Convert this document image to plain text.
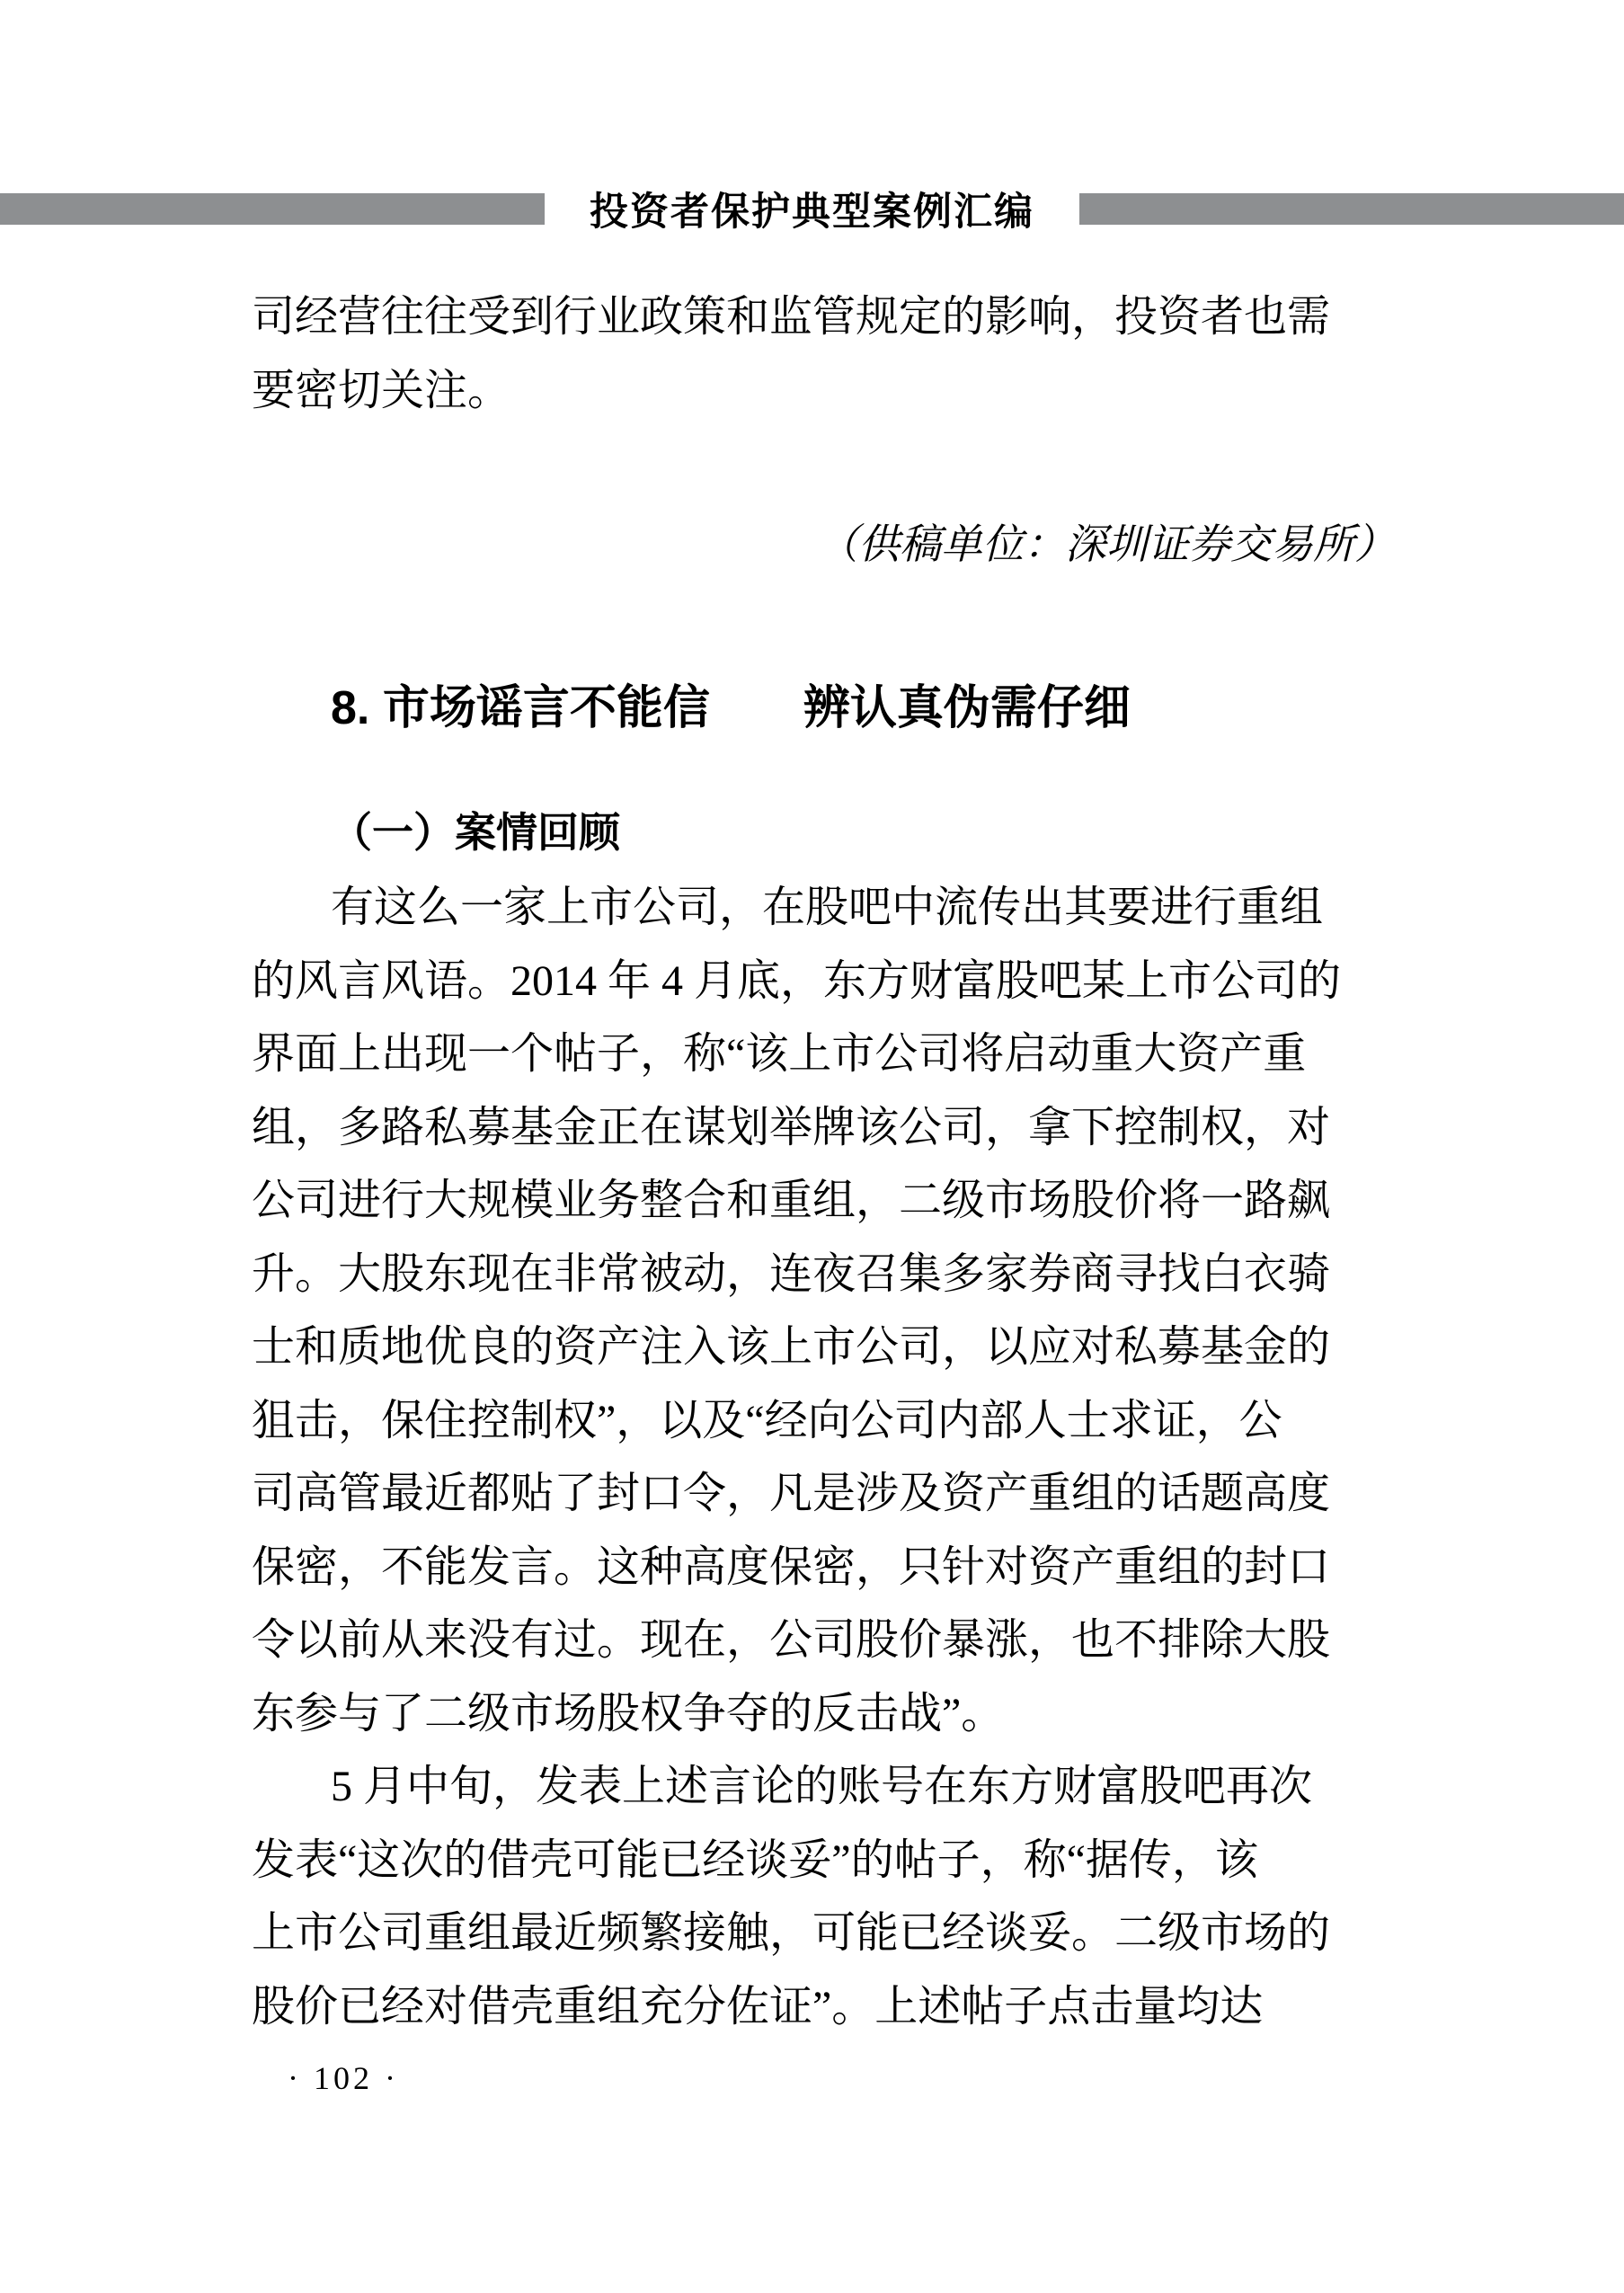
投资者保护典型案例汇编
司经营往往受到行业政策和监管规定的影响，投资者也需
要密切关注。
（供稿单位：深圳证券交易所）
8. 市场谣言不能信　　辨认真伪需仔细
（一）案情回顾
有这么一家上市公司，在股吧中流传出其要进行重组
的风言风语。2014 年 4 月底，东方财富股吧某上市公司的
界面上出现一个帖子，称“该上市公司将启动重大资产重
组，多路私募基金正在谋划举牌该公司，拿下控制权，对
公司进行大规模业务整合和重组，二级市场股价将一路飙
升。大股东现在非常被动，连夜召集多家券商寻找白衣骑
士和质地优良的资产注入该上市公司，以应对私募基金的
狙击，保住控制权”，以及“经向公司内部人士求证，公
司高管最近都贴了封口令，凡是涉及资产重组的话题高度
保密，不能发言。这种高度保密，只针对资产重组的封口
令以前从来没有过。现在，公司股价暴涨，也不排除大股
东参与了二级市场股权争夺的反击战”。
5 月中旬，发表上述言论的账号在东方财富股吧再次
发表“这次的借壳可能已经谈妥”的帖子，称“据传，该
上市公司重组最近频繁接触，可能已经谈妥。二级市场的
股价已经对借壳重组充分佐证”。上述帖子点击量均达
· 102 ·
